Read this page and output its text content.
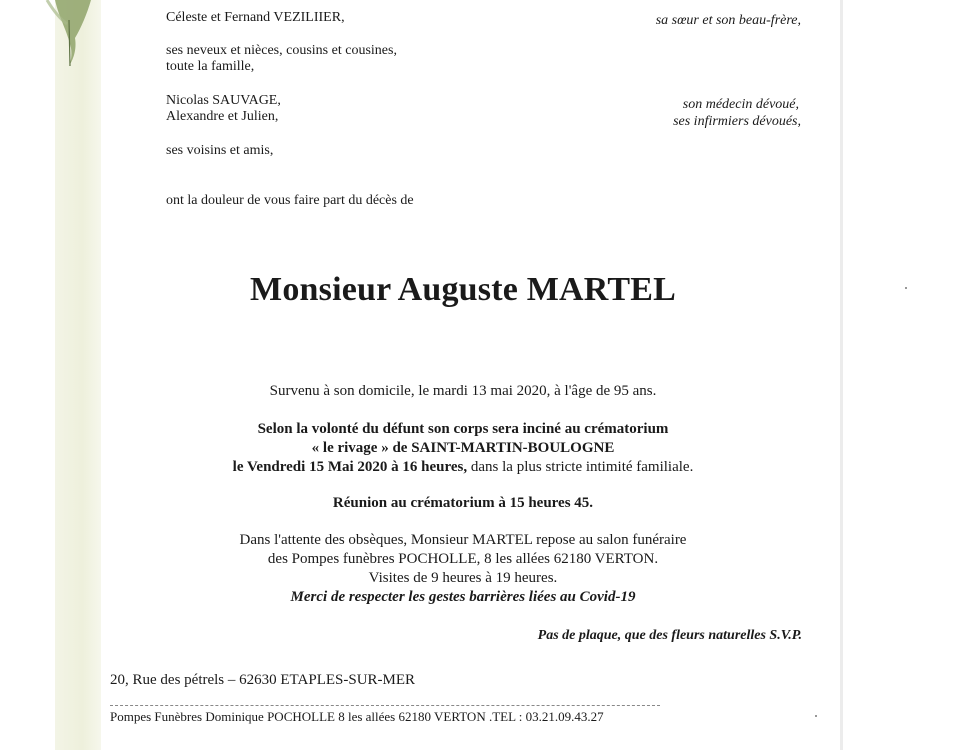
Céleste et Fernand VEZILIIER,	sa sœur et son beau-frère,
ses neveux et nièces, cousins et cousines,
toute la famille,
Nicolas SAUVAGE,
Alexandre et Julien,
son médecin dévoué,
ses infirmiers dévoués,
ses voisins et amis,
ont la douleur de vous faire part du décès de
Monsieur Auguste MARTEL
Survenu à son domicile, le mardi 13 mai 2020, à l'âge de 95 ans.
Selon la volonté du défunt son corps sera inciné au crématorium
« le rivage » de SAINT-MARTIN-BOULOGNE
le Vendredi 15 Mai 2020 à 16 heures, dans la plus stricte intimité familiale.
Réunion au crématorium à 15 heures 45.
Dans l'attente des obsèques, Monsieur MARTEL repose au salon funéraire
des Pompes funèbres POCHOLLE, 8 les allées 62180 VERTON.
Visites de 9 heures à 19 heures.
Merci de respecter les gestes barrières liées au Covid-19
Pas de plaque, que des fleurs naturelles S.V.P.
20, Rue des pétrels – 62630 ETAPLES-SUR-MER
Pompes Funèbres Dominique POCHOLLE 8 les allées 62180 VERTON .TEL : 03.21.09.43.27
